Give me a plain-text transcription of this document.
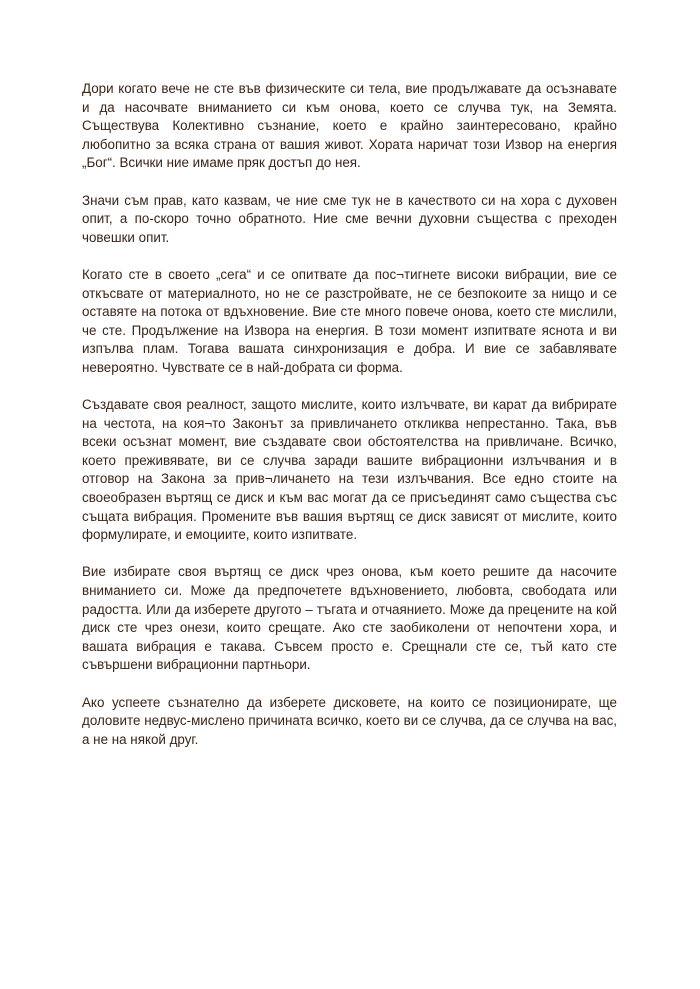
Дори когато вече не сте във физическите си тела, вие продължавате да осъзнавате и да насочвате вниманието си към онова, което се случва тук, на Земята. Съществува Колективно съзнание, което е крайно заинтересовано, крайно любопитно за всяка страна от вашия живот. Хората наричат този Извор на енергия „Бог“. Всички ние имаме пряк достъп до нея.

Значи съм прав, като казвам, че ние сме тук не в качеството си на хора с духовен опит, а по-скоро точно обратното. Ние сме вечни духовни същества с преходен човешки опит.

Когато сте в своето „сега“ и се опитвате да пос¬тигнете високи вибрации, вие се откъсвате от материалното, но не се разстройвате, не се безпокоите за нищо и се оставяте на потока от вдъхновение. Вие сте много повече онова, което сте мислили, че сте. Продължение на Извора на енергия. В този момент изпитвате яснота и ви изпълва плам. Тогава вашата синхронизация е добра. И вие се забавлявате невероятно. Чувствате се в най-добрата си форма.

Създавате своя реалност, защото мислите, които излъчвате, ви карат да вибрирате на честота, на коя¬то Законът за привличането откликва непрестанно. Така, във всеки осъзнат момент, вие създавате свои обстоятелства на привличане. Всичко, което преживявате, ви се случва заради вашите вибрационни излъчвания и в отговор на Закона за прив¬личането на тези излъчвания. Все едно стоите на своеобразен въртящ се диск и към вас могат да се присъединят само същества със същата вибрация. Промените във вашия въртящ се диск зависят от мислите, които формулирате, и емоциите, които изпитвате.

Вие избирате своя въртящ се диск чрез онова, към което решите да насочите вниманието си. Може да предпочетете вдъхновението, любовта, свободата или радостта. Или да изберете другото – тъгата и отчаянието. Може да прецените на кой диск сте чрез онези, които срещате. Ако сте заобиколени от непочтени хора, и вашата вибрация е такава. Съвсем просто е. Срещнали сте се, тъй като сте съвършени вибрационни партньори.

Ако успеете съзнателно да изберете дисковете, на които се позиционирате, ще доловите недвус-мислено причината всичко, което ви се случва, да се случва на вас, а не на някой друг.
